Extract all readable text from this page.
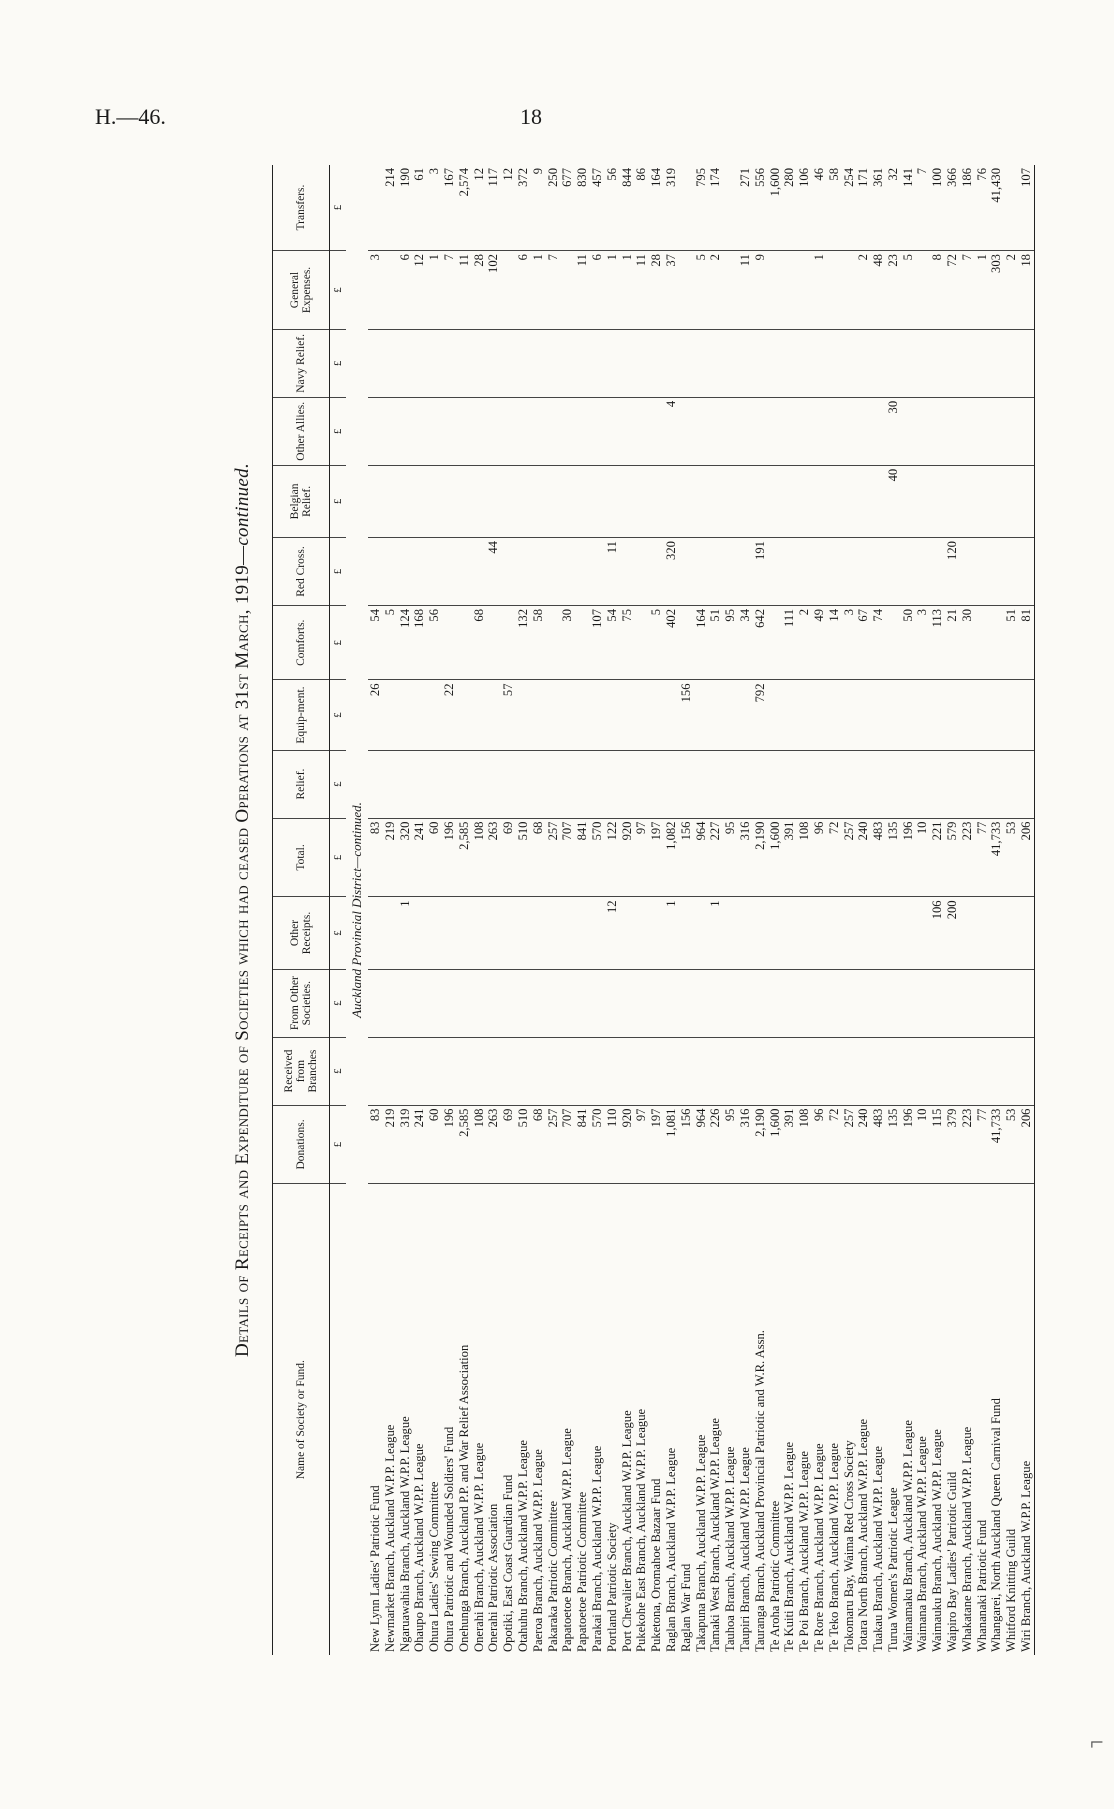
H.—46.	18
Details of Receipts and Expenditure of Societies which had ceased Operations at 31st March, 1919—continued.
Name of Society or Fund.	Donations.	Received from Branches	From Other Societies.	Other Receipts.	Total.	Relief.	Equip-ment.	Comforts.	Red Cross.	Belgian Relief.	Other Allies.	Navy Relief.	General Expenses.	Transfers.
	£	£	£	£	£	£	£	£	£	£	£	£	£	£
Auckland Provincial District—continued.														
New Lynn Ladies' Patriotic Fund	83				83		26	54					3	
Newmarket Branch, Auckland W.P.P. League	219				219			5						214
Ngaruawahia Branch, Auckland W.P.P. League	319			1	320			124					6	190
Ohaupo Branch, Auckland W.P.P. League	241				241			168					12	61
Ohura Ladies' Sewing Committee	60				60			56					1	3
Ohura Patriotic and Wounded Soldiers' Fund	196				196		22						7	167
Onehunga Branch, Auckland P.P. and War Relief Association	2,585				2,585								11	2,574
Onerahi Branch, Auckland W.P.P. League	108				108			68					28	12
Onerahi Patriotic Association	263				263				44				102	117
Opotiki, East Coast Guardian Fund	69				69		57							12
Otahuhu Branch, Auckland W.P.P. League	510				510			132					6	372
Paeroa Branch, Auckland W.P.P. League	68				68			58					1	9
Pakaraka Patriotic Committee	257				257								7	250
Papatoetoe Branch, Auckland W.P.P. League	707				707			30						677
Papatoetoe Patriotic Committee	841				841								11	830
Parakai Branch, Auckland W.P.P. League	570				570			107					6	457
Portland Patriotic Society	110			12	122			54	11				1	56
Port Chevalier Branch, Auckland W.P.P. League	920				920			75					1	844
Pukekohe East Branch, Auckland W.P.P. League	97				97								11	86
Puketona, Oromahoe Bazaar Fund	197				197			5					28	164
Raglan Branch, Auckland W.P.P. League	1,081			1	1,082			402	320		4		37	319
Raglan War Fund	156				156		156							
Takapuna Branch, Auckland W.P.P. League	964				964			164					5	795
Tamaki West Branch, Auckland W.P.P. League	226			1	227			51					2	174
Tauhoa Branch, Auckland W.P.P. League	95				95			95						
Taupiri Branch, Auckland W.P.P. League	316				316			34					11	271
Tauranga Branch, Auckland Provincial Patriotic and W.R. Assn.	2,190				2,190		792	642	191				9	556
Te Aroha Patriotic Committee	1,600				1,600									1,600
Te Kuiti Branch, Auckland W.P.P. League	391				391			111						280
Te Poi Branch, Auckland W.P.P. League	108				108			2						106
Te Rore Branch, Auckland W.P.P. League	96				96			49					1	46
Te Teko Branch, Auckland W.P.P. League	72				72			14						58
Tokomaru Bay, Waima Red Cross Society	257				257			3						254
Totara North Branch, Auckland W.P.P. League	240				240			67					2	171
Tuakau Branch, Auckland W.P.P. League	483				483			74					48	361
Turua Women's Patriotic League	135				135					40	30		23	32
Waimamaku Branch, Auckland W.P.P. League	196				196			50					5	141
Waimana Branch, Auckland W.P.P. League	10				10			3						7
Waimauku Branch, Auckland W.P.P. League	115			106	221			113					8	100
Waipiro Bay Ladies' Patriotic Guild	379			200	579			21	120				72	366
Whakatane Branch, Auckland W.P.P. League	223				223			30					7	186
Whananaki Patriotic Fund	77				77								1	76
Whangarei, North Auckland Queen Carnival Fund	41,733				41,733								303	41,430
Whitford Knitting Guild	53				53			51					2	
Wiri Branch, Auckland W.P.P. League	206				206			81					18	107
⌐
